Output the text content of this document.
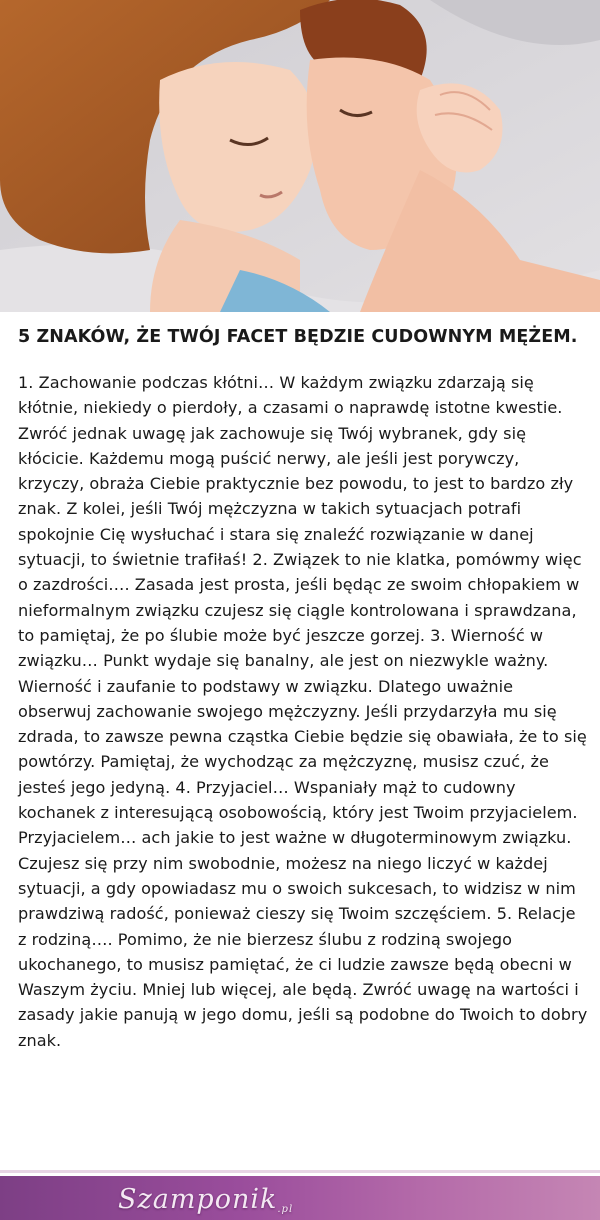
5 ZNAKÓW, ŻE TWÓJ FACET BĘDZIE CUDOWNYM MĘŻEM.

1. Zachowanie podczas kłótni… W każdym związku zdarzają się kłótnie, niekiedy o pierdoły, a czasami o naprawdę istotne kwestie. Zwróć jednak uwagę jak zachowuje się Twój wybranek, gdy się kłócicie. Każdemu mogą puścić nerwy, ale jeśli jest porywczy, krzyczy, obraża Ciebie praktycznie bez powodu, to jest to bardzo zły znak. Z kolei, jeśli Twój mężczyzna w takich sytuacjach potrafi spokojnie Cię wysłuchać i stara się znaleźć rozwiązanie w danej sytuacji, to świetnie trafiłaś! 2. Związek to nie klatka, pomówmy więc o zazdrości…. Zasada jest prosta, jeśli będąc ze swoim chłopakiem w nieformalnym związku czujesz się ciągle kontrolowana i sprawdzana, to pamiętaj, że po ślubie może być jeszcze gorzej. 3. Wierność w związku… Punkt wydaje się banalny, ale jest on niezwykle ważny. Wierność i zaufanie to podstawy w związku. Dlatego uważnie obserwuj zachowanie swojego mężczyzny. Jeśli przydarzyła mu się zdrada, to zawsze pewna cząstka Ciebie będzie się obawiała, że to się powtórzy. Pamiętaj, że wychodząc za mężczyznę, musisz czuć, że jesteś jego jedyną. 4. Przyjaciel… Wspaniały mąż to cudowny kochanek z interesującą osobowością, który jest Twoim przyjacielem. Przyjacielem… ach jakie to jest ważne w długoterminowym związku. Czujesz się przy nim swobodnie, możesz na niego liczyć w każdej sytuacji, a gdy opowiadasz mu o swoich sukcesach, to widzisz w nim prawdziwą radość, ponieważ cieszy się Twoim szczęściem. 5. Relacje z rodziną…. Pomimo, że nie bierzesz ślubu z rodziną swojego ukochanego, to musisz pamiętać, że ci ludzie zawsze będą obecni w Waszym życiu. Mniej lub więcej, ale będą. Zwróć uwagę na wartości i zasady jakie panują w jego domu, jeśli są podobne do Twoich to dobry znak.

Szamponik.pl
